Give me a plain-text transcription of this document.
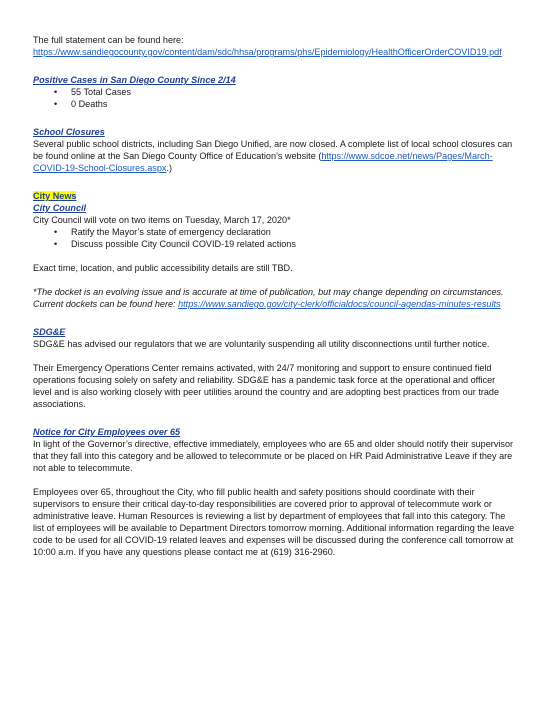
The full statement can be found here:

https://www.sandiegocounty.gov/content/dam/sdc/hhsa/programs/phs/Epidemiology/HealthOfficerOrderCOVID19.pdf

Positive Cases in San Diego County Since 2/14

• 55 Total Cases
• 0 Deaths

School Closures

Several public school districts, including San Diego Unified, are now closed. A complete list of local school closures can be found online at the San Diego County Office of Education’s website (https://www.sdcoe.net/news/Pages/March-COVID-19-School-Closures.aspx.)

City News

City Council

City Council will vote on two items on Tuesday, March 17, 2020*

• Ratify the Mayor’s state of emergency declaration
• Discuss possible City Council COVID-19 related actions

Exact time, location, and public accessibility details are still TBD.

*The docket is an evolving issue and is accurate at time of publication, but may change depending on circumstances. Current dockets can be found here: https://www.sandiego.gov/city-clerk/officialdocs/council-agendas-minutes-results

SDG&E

SDG&E has advised our regulators that we are voluntarily suspending all utility disconnections until further notice.

Their Emergency Operations Center remains activated, with 24/7 monitoring and support to ensure continued field operations focusing solely on safety and reliability. SDG&E has a pandemic task force at the operational and officer level and is also working closely with peer utilities around the country and are adopting best practices from our trade associations.

Notice for City Employees over 65

In light of the Governor’s directive, effective immediately, employees who are 65 and older should notify their supervisor that they fall into this category and be allowed to telecommute or be placed on HR Paid Administrative Leave if they are not able to telecommute.

Employees over 65, throughout the City, who fill public health and safety positions should coordinate with their supervisors to ensure their critical day-to-day responsibilities are covered prior to approval of telecommute work or administrative leave. Human Resources is reviewing a list by department of employees that fall into this category. The list of employees will be available to Department Directors tomorrow morning. Additional information regarding the leave code to be used for all COVID-19 related leaves and expenses will be discussed during the conference call tomorrow at 10:00 a.m. If you have any questions please contact me at (619) 316-2960.
